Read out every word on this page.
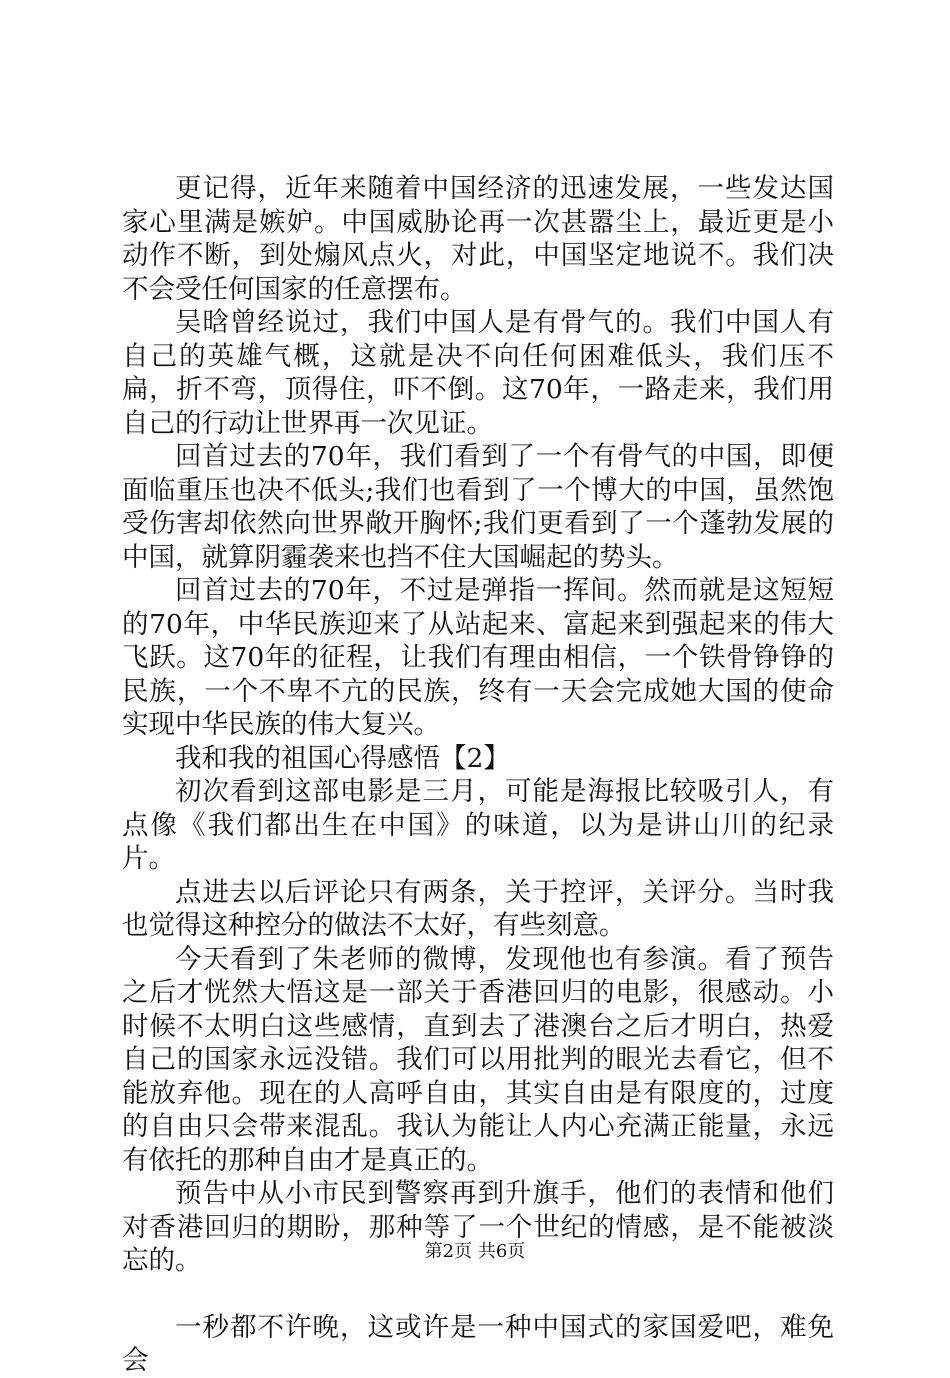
更记得，近年来随着中国经济的迅速发展，一些发达国家心里满是嫉妒。中国威胁论再一次甚嚣尘上，最近更是小动作不断，到处煽风点火，对此，中国坚定地说不。我们决不会受任何国家的任意摆布。

吴晗曾经说过，我们中国人是有骨气的。我们中国人有自己的英雄气概，这就是决不向任何困难低头，我们压不扁，折不弯，顶得住，吓不倒。这70年，一路走来，我们用自己的行动让世界再一次见证。

回首过去的70年，我们看到了一个有骨气的中国，即便面临重压也决不低头;我们也看到了一个博大的中国，虽然饱受伤害却依然向世界敞开胸怀;我们更看到了一个蓬勃发展的中国，就算阴霾袭来也挡不住大国崛起的势头。

回首过去的70年，不过是弹指一挥间。然而就是这短短的70年，中华民族迎来了从站起来、富起来到强起来的伟大飞跃。这70年的征程，让我们有理由相信，一个铁骨铮铮的民族，一个不卑不亢的民族，终有一天会完成她大国的使命实现中华民族的伟大复兴。

我和我的祖国心得感悟【2】

初次看到这部电影是三月，可能是海报比较吸引人，有点像《我们都出生在中国》的味道，以为是讲山川的纪录片。

点进去以后评论只有两条，关于控评，关评分。当时我也觉得这种控分的做法不太好，有些刻意。

今天看到了朱老师的微博，发现他也有参演。看了预告之后才恍然大悟这是一部关于香港回归的电影，很感动。小时候不太明白这些感情，直到去了港澳台之后才明白，热爱自己的国家永远没错。我们可以用批判的眼光去看它，但不能放弃他。现在的人高呼自由，其实自由是有限度的，过度的自由只会带来混乱。我认为能让人内心充满正能量，永远有依托的那种自由才是真正的。

预告中从小市民到警察再到升旗手，他们的表情和他们对香港回归的期盼，那种等了一个世纪的情感，是不能被淡忘的。

一秒都不许晚，这或许是一种中国式的家国爱吧，难免会

第2页 共6页
